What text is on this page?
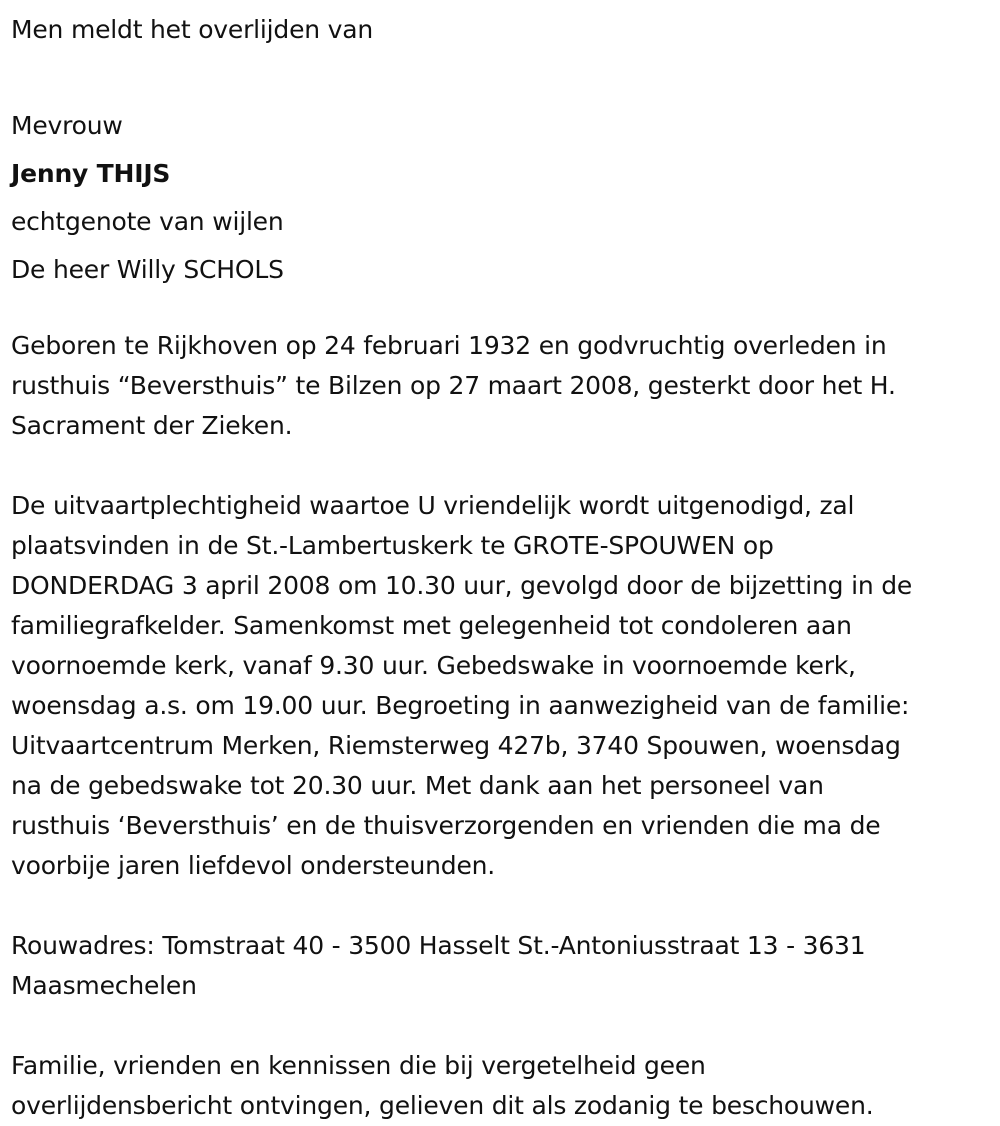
Men meldt het overlijden van
Mevrouw
Jenny THIJS
echtgenote van wijlen
De heer Willy SCHOLS
Geboren te Rijkhoven op 24 februari 1932 en godvruchtig overleden in
rusthuis “Beversthuis” te Bilzen op 27 maart 2008, gesterkt door het H.
Sacrament der Zieken.
De uitvaartplechtigheid waartoe U vriendelijk wordt uitgenodigd, zal
plaatsvinden in de St.-Lambertuskerk te GROTE-SPOUWEN op
DONDERDAG 3 april 2008 om 10.30 uur, gevolgd door de bijzetting in de
familiegrafkelder. Samenkomst met gelegenheid tot condoleren aan
voornoemde kerk, vanaf 9.30 uur. Gebedswake in voornoemde kerk,
woensdag a.s. om 19.00 uur. Begroeting in aanwezigheid van de familie:
Uitvaartcentrum Merken, Riemsterweg 427b, 3740 Spouwen, woensdag
na de gebedswake tot 20.30 uur. Met dank aan het personeel van
rusthuis ‘Beversthuis’ en de thuisverzorgenden en vrienden die ma de
voorbije jaren liefdevol ondersteunden.
Rouwadres: Tomstraat 40 - 3500 Hasselt St.-Antoniusstraat 13 - 3631
Maasmechelen
Familie, vrienden en kennissen die bij vergetelheid geen
overlijdensbericht ontvingen, gelieven dit als zodanig te beschouwen.
